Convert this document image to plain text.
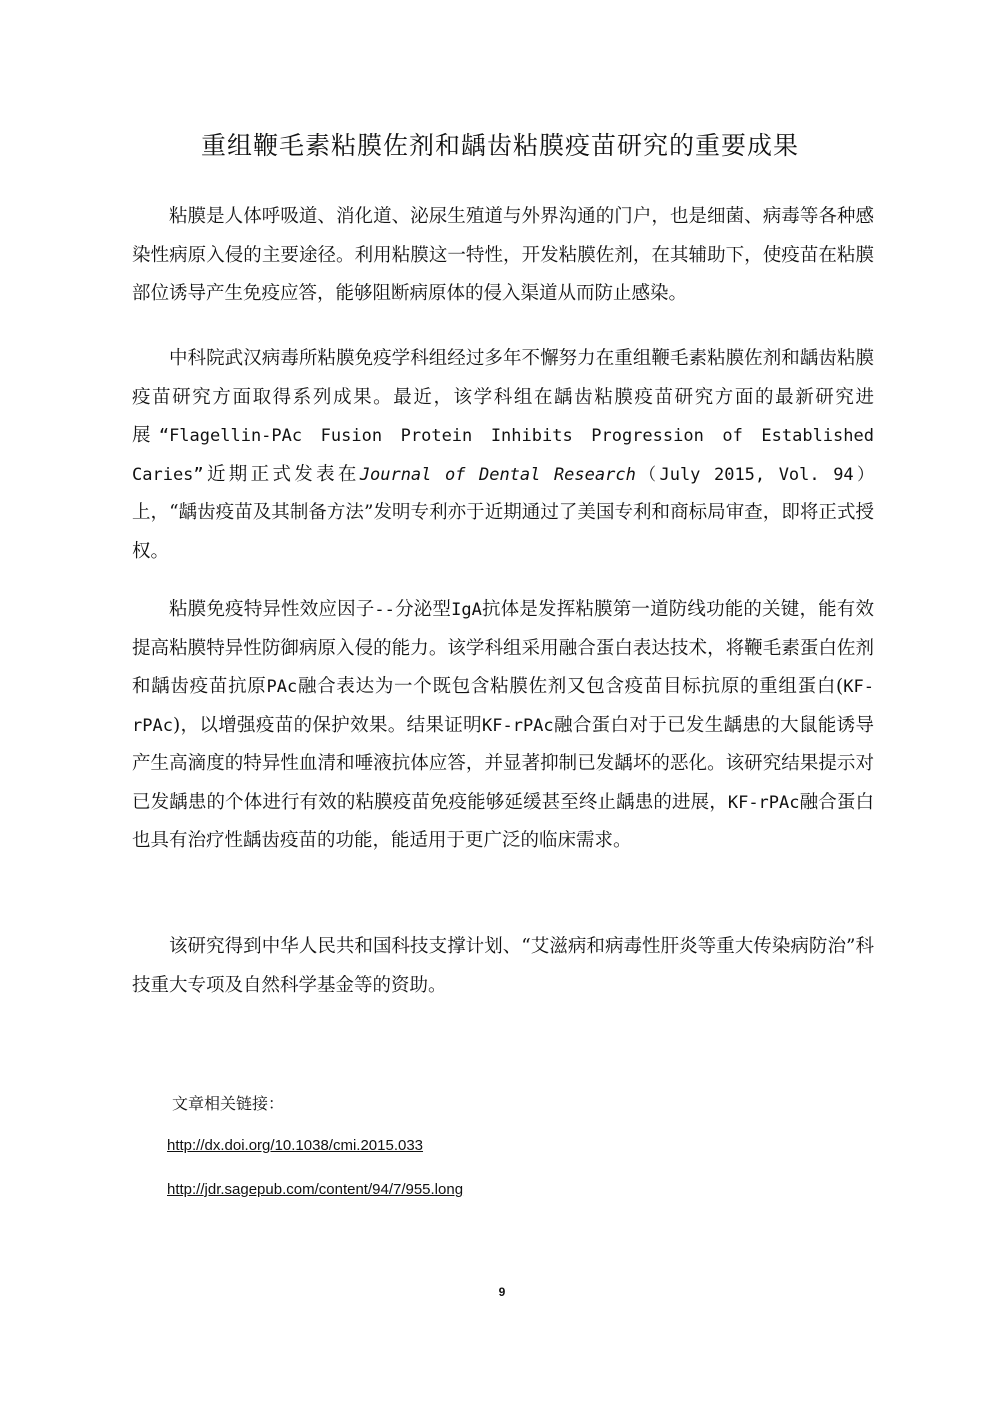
重组鞭毛素粘膜佐剂和龋齿粘膜疫苗研究的重要成果

粘膜是人体呼吸道、消化道、泌尿生殖道与外界沟通的门户，也是细菌、病毒等各种感染性病原入侵的主要途径。利用粘膜这一特性，开发粘膜佐剂，在其辅助下，使疫苗在粘膜部位诱导产生免疫应答，能够阻断病原体的侵入渠道从而防止感染。

中科院武汉病毒所粘膜免疫学科组经过多年不懈努力在重组鞭毛素粘膜佐剂和龋齿粘膜疫苗研究方面取得系列成果。最近，该学科组在龋齿粘膜疫苗研究方面的最新研究进展“Flagellin-PAc Fusion Protein Inhibits Progression of Established Caries”近期正式发表在Journal of Dental Research（July 2015, Vol. 94）上，“龋齿疫苗及其制备方法”发明专利亦于近期通过了美国专利和商标局审查，即将正式授权。

粘膜免疫特异性效应因子--分泌型IgA抗体是发挥粘膜第一道防线功能的关键，能有效提高粘膜特异性防御病原入侵的能力。该学科组采用融合蛋白表达技术，将鞭毛素蛋白佐剂和龋齿疫苗抗原PAc融合表达为一个既包含粘膜佐剂又包含疫苗目标抗原的重组蛋白(KF-rPAc)，以增强疫苗的保护效果。结果证明KF-rPAc融合蛋白对于已发生龋患的大鼠能诱导产生高滴度的特异性血清和唾液抗体应答，并显著抑制已发龋坏的恶化。该研究结果提示对已发龋患的个体进行有效的粘膜疫苗免疫能够延缓甚至终止龋患的进展，KF-rPAc融合蛋白也具有治疗性龋齿疫苗的功能，能适用于更广泛的临床需求。

该研究得到中华人民共和国科技支撑计划、“艾滋病和病毒性肝炎等重大传染病防治”科技重大专项及自然科学基金等的资助。

文章相关链接：

http://dx.doi.org/10.1038/cmi.2015.033
http://jdr.sagepub.com/content/94/7/955.long
9
